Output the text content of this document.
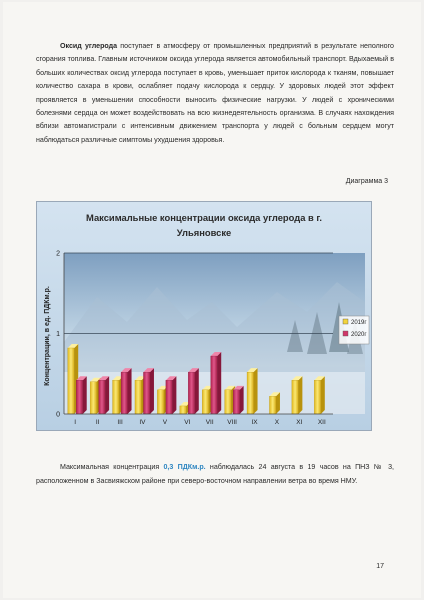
Оксид углерода поступает в атмосферу от промышленных предприятий в результате неполного сгорания топлива. Главным источником оксида углерода является автомобильный транспорт. Вдыхаемый в больших количествах оксид углерода поступает в кровь, уменьшает приток кислорода к тканям, повышает количество сахара в крови, ослабляет подачу кислорода к сердцу. У здоровых людей этот эффект проявляется в уменьшении способности выносить физические нагрузки. У людей с хроническими болезнями сердца он может воздействовать на всю жизнедеятельность организма. В случаях нахождения вблизи автомагистрали с интенсивным движением транспорта у людей с больным сердцем могут наблюдаться различные симптомы ухудшения здоровья.

Диаграмма 3
0
1
2
I	II	III	IV	V	VI VII VIII IX	X	XI XII
2019г
2020г
Концентрации, в ед. ПДКм.р.
Максимальные концентрации оксида углерода в г. Ульяновске

Максимальная концентрация 0,3 ПДКм.р. наблюдалась 24 августа в 19 часов на ПНЗ № 3, расположенном в Засвияжском районе при северо-восточном направлении ветра во время НМУ.

17
